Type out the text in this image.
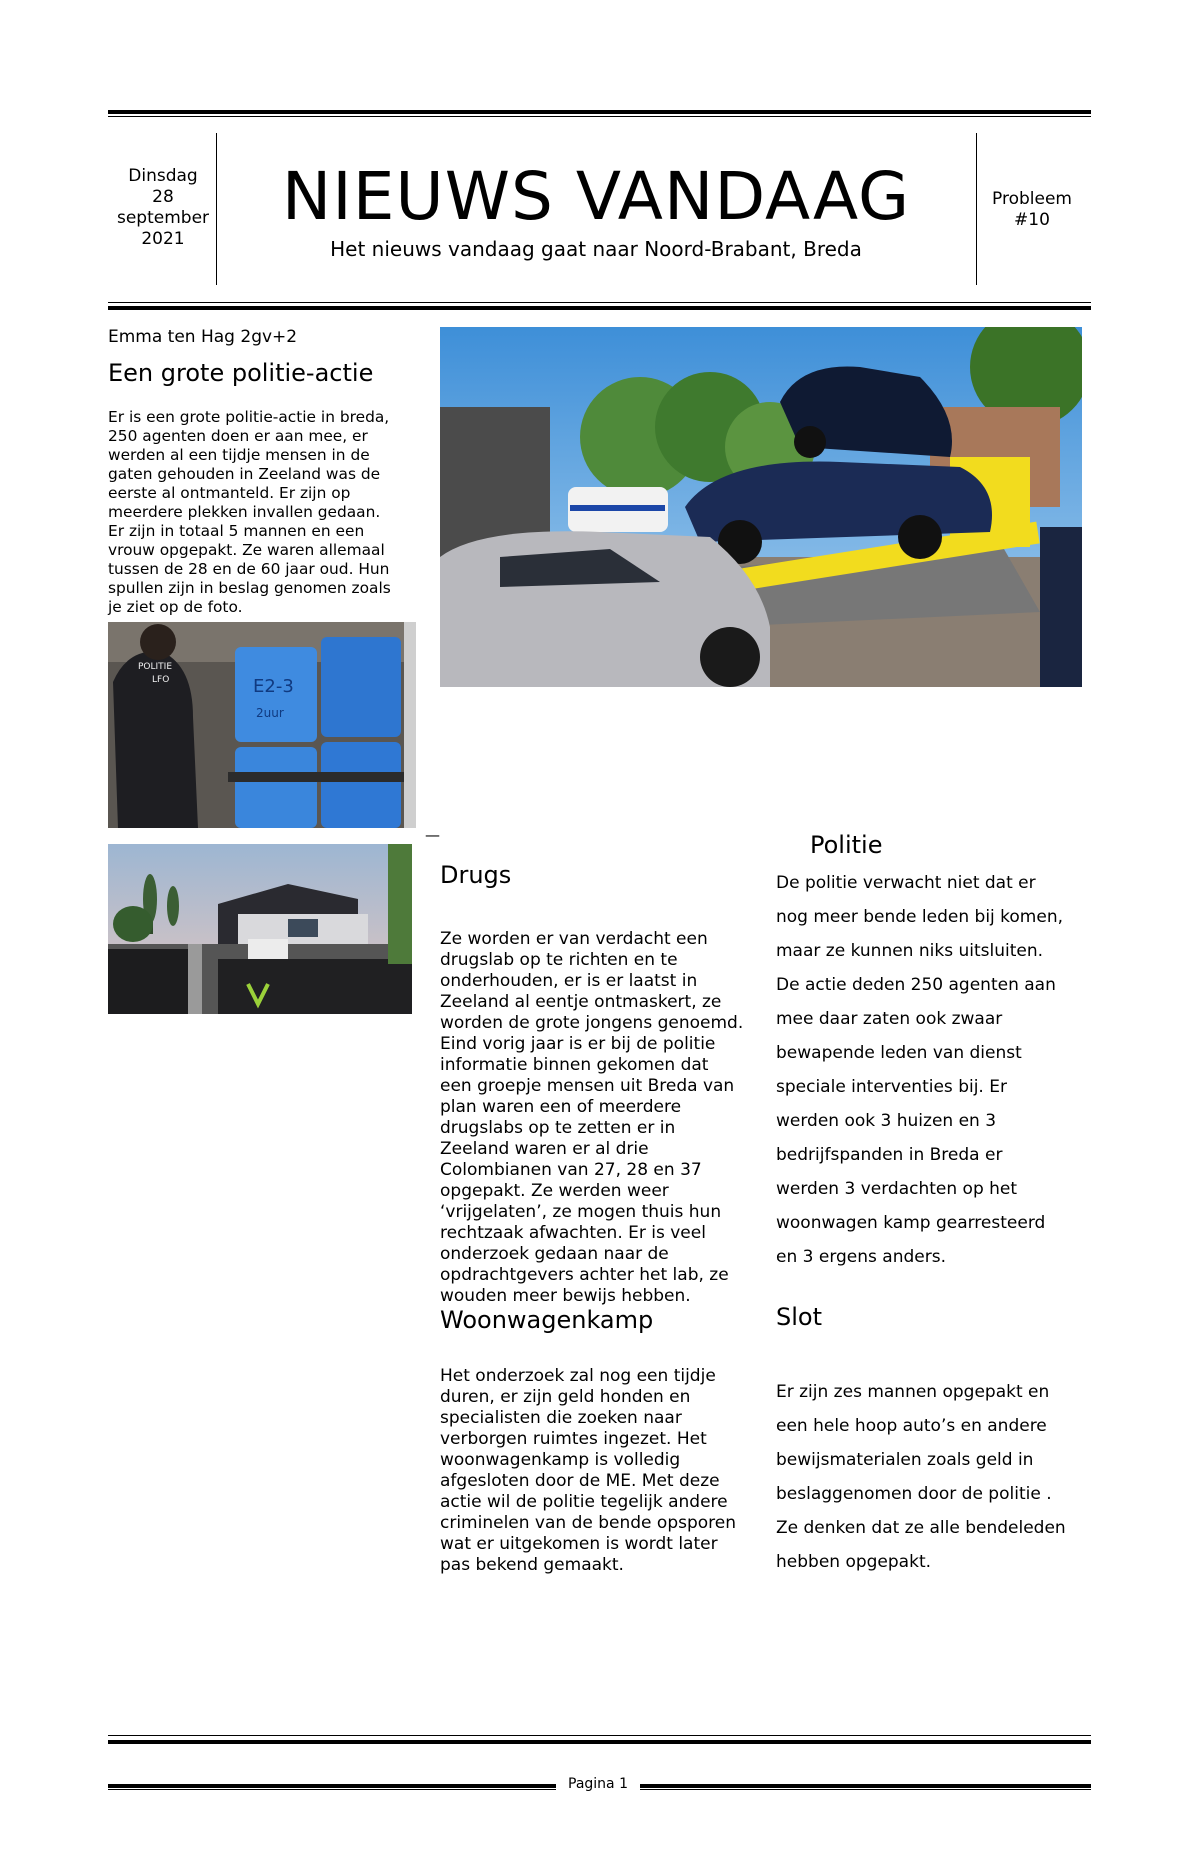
Dinsdag
28
september
2021
NIEUWS VANDAAG
Het nieuws vandaag gaat naar Noord-Brabant, Breda
Probleem
#10
Emma ten Hag 2gv+2
Een grote politie-actie
Er is een grote politie-actie in breda,
250 agenten doen er aan mee, er
werden al een tijdje mensen in de
gaten gehouden in Zeeland was de
eerste al ontmanteld. Er zijn op
meerdere plekken invallen gedaan.
Er zijn in totaal 5 mannen en een
vrouw opgepakt. Ze waren allemaal
tussen de 28 en de 60 jaar oud. Hun
spullen zijn in beslag genomen zoals
je ziet op de foto.
POLITIE
LFO	E2-3
2uur
—
Drugs
Ze worden er van verdacht een
drugslab op te richten en te
onderhouden, er is er laatst in
Zeeland al eentje ontmaskert, ze
worden de grote jongens genoemd.
Eind vorig jaar is er bij de politie
informatie binnen gekomen dat
een groepje mensen uit Breda van
plan waren een of meerdere
drugslabs op te zetten er in
Zeeland waren er al drie
Colombianen van 27, 28 en 37
opgepakt. Ze werden weer
‘vrijgelaten’, ze mogen thuis hun
rechtzaak afwachten. Er is veel
onderzoek gedaan naar de
opdrachtgevers achter het lab, ze
wouden meer bewijs hebben.
Woonwagenkamp
Het onderzoek zal nog een tijdje
duren, er zijn geld honden en
specialisten die zoeken naar
verborgen ruimtes ingezet. Het
woonwagenkamp is volledig
afgesloten door de ME. Met deze
actie wil de politie tegelijk andere
criminelen van de bende opsporen
wat er uitgekomen is wordt later
pas bekend gemaakt.
Politie
De politie verwacht niet dat er
nog meer bende leden bij komen,
maar ze kunnen niks uitsluiten.
De actie deden 250 agenten aan
mee daar zaten ook zwaar
bewapende leden van dienst
speciale interventies bij. Er
werden ook 3 huizen en 3
bedrijfspanden in Breda er
werden 3 verdachten op het
woonwagen kamp gearresteerd
en 3 ergens anders.
Slot
Er zijn zes mannen opgepakt en
een hele hoop auto’s en andere
bewijsmaterialen zoals geld in
beslaggenomen door de politie .
Ze denken dat ze alle bendeleden
hebben opgepakt.
Pagina 1
